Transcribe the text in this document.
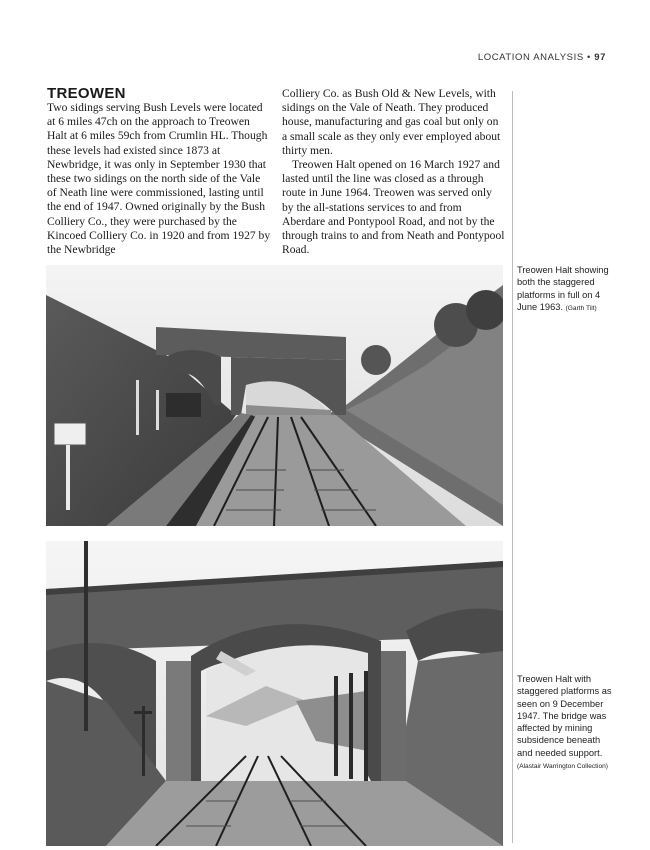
LOCATION ANALYSIS • 97
TREOWEN

Two sidings serving Bush Levels were located at 6 miles 47ch on the approach to Treowen Halt at 6 miles 59ch from Crumlin HL. Though these levels had existed since 1873 at Newbridge, it was only in September 1930 that these two sidings on the north side of the Vale of Neath line were commissioned, lasting until the end of 1947. Owned originally by the Bush Colliery Co., they were purchased by the Kincoed Colliery Co. in 1920 and from 1927 by the Newbridge

Colliery Co. as Bush Old & New Levels, with sidings on the Vale of Neath. They produced house, manufacturing and gas coal but only on a small scale as they only ever employed about thirty men.

Treowen Halt opened on 16 March 1927 and lasted until the line was closed as a through route in June 1964. Treowen was served only by the all-stations services to and from Aberdare and Pontypool Road, and not by the through trains to and from Neath and Pontypool Road.

Treowen Halt showing both the staggered platforms in full on 4 June 1963. (Garth Tilt)
Treowen Halt with staggered platforms as seen on 9 December 1947. The bridge was affected by mining subsidence beneath and needed support. (Alastair Warrington Collection)
